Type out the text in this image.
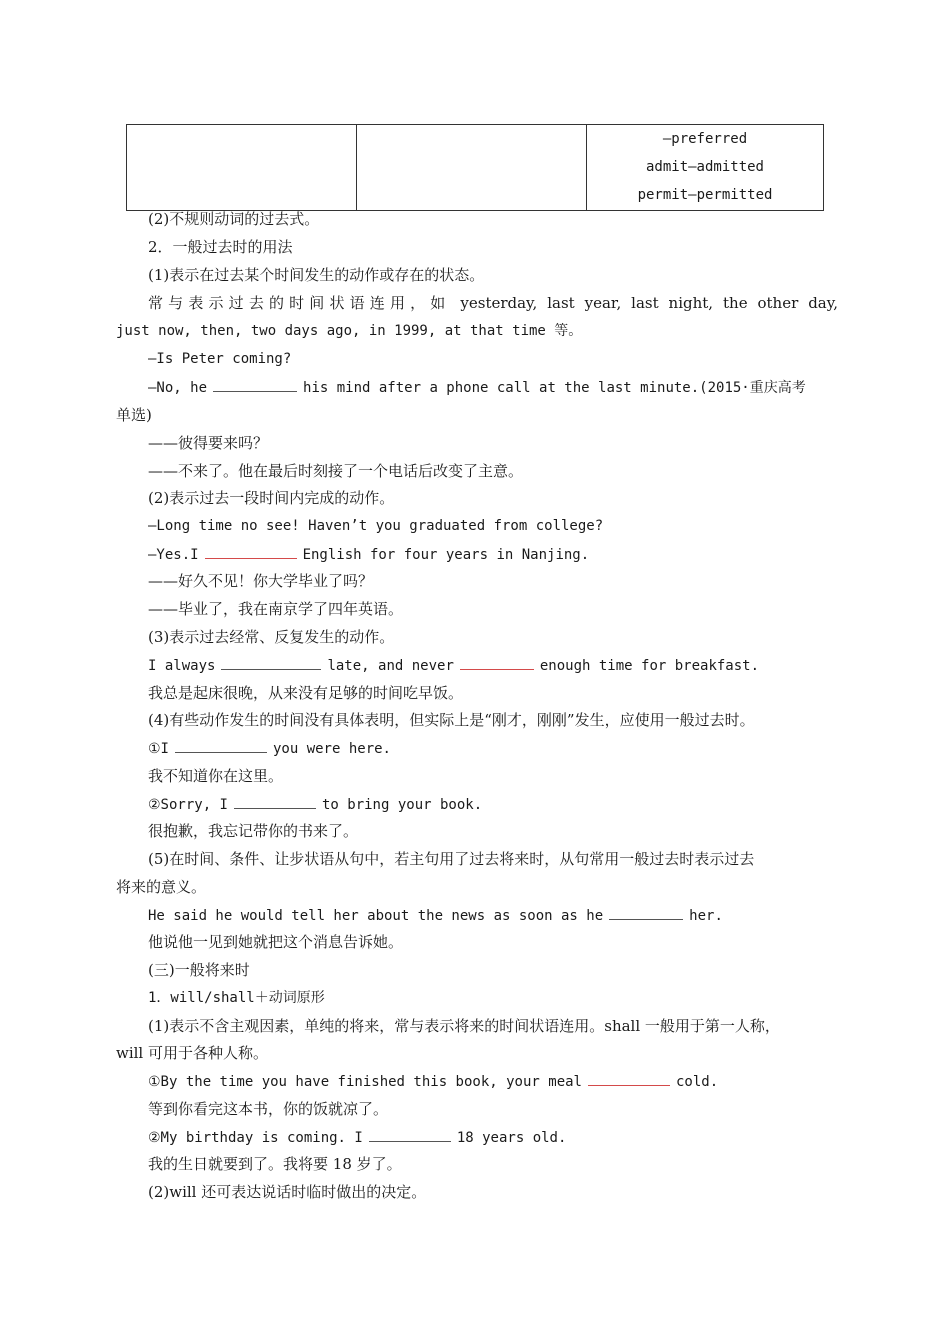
—preferred
admit—admitted
permit—permitted
(2)不规则动词的过去式。
2．一般过去时的用法
(1)表示在过去某个时间发生的动作或存在的状态。
常与表示过去的时间状语连用，如 yesterday, last year, last night, the other day,
just now, then, two days ago, in 1999, at that time 等。
—Is Peter coming?
—No, he	his mind after a phone call at the last minute.(2015·重庆高考
单选)
——彼得要来吗？
——不来了。他在最后时刻接了一个电话后改变了主意。
(2)表示过去一段时间内完成的动作。
—Long time no see! Haven’t you graduated from college?
—Yes.I	English for four years in Nanjing.
——好久不见！你大学毕业了吗？
——毕业了，我在南京学了四年英语。
(3)表示过去经常、反复发生的动作。
I always	late, and never	enough time for breakfast.
我总是起床很晚，从来没有足够的时间吃早饭。
(4)有些动作发生的时间没有具体表明，但实际上是“刚才，刚刚”发生，应使用一般过去时。
①I	you were here.
我不知道你在这里。
②Sorry, I	to bring your book.
很抱歉，我忘记带你的书来了。
(5)在时间、条件、让步状语从句中，若主句用了过去将来时，从句常用一般过去时表示过去
将来的意义。
He said he would tell her about the news as soon as he	her.
他说他一见到她就把这个消息告诉她。
(三)一般将来时
1．will/shall＋动词原形
(1)表示不含主观因素，单纯的将来，常与表示将来的时间状语连用。shall 一般用于第一人称，
will 可用于各种人称。
①By the time you have finished this book, your meal	cold.
等到你看完这本书，你的饭就凉了。
②My birthday is coming. I	18 years old.
我的生日就要到了。我将要 18 岁了。
(2)will 还可表达说话时临时做出的决定。
